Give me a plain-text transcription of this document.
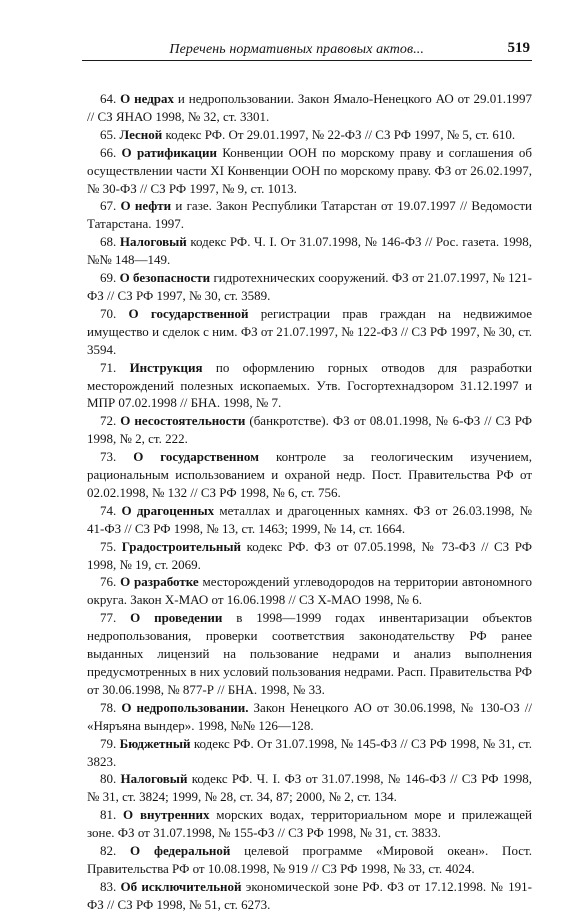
Перечень нормативных правовых актов...	519

64. О недрах и недропользовании. Закон Ямало-Ненецкого АО от 29.01.1997 // СЗ ЯНАО 1998, № 32, ст. 3301.

65. Лесной кодекс РФ. От 29.01.1997, № 22-ФЗ // СЗ РФ 1997, № 5, ст. 610.

66. О ратификации Конвенции ООН по морскому праву и соглашения об осуществлении части XI Конвенции ООН по морскому праву. ФЗ от 26.02.1997, № 30-ФЗ // СЗ РФ 1997, № 9, ст. 1013.

67. О нефти и газе. Закон Республики Татарстан от 19.07.1997 // Ведомости Татарстана. 1997.

68. Налоговый кодекс РФ. Ч. I. От 31.07.1998, № 146-ФЗ // Рос. газета. 1998, №№ 148—149.

69. О безопасности гидротехнических сооружений. ФЗ от 21.07.1997, № 121-ФЗ // СЗ РФ 1997, № 30, ст. 3589.

70. О государственной регистрации прав граждан на недвижимое имущество и сделок с ним. ФЗ от 21.07.1997, № 122-ФЗ // СЗ РФ 1997, № 30, ст. 3594.

71. Инструкция по оформлению горных отводов для разработки месторождений полезных ископаемых. Утв. Госгортехнадзором 31.12.1997 и МПР 07.02.1998 // БНА. 1998, № 7.

72. О несостоятельности (банкротстве). ФЗ от 08.01.1998, № 6-ФЗ // СЗ РФ 1998, № 2, ст. 222.

73. О государственном контроле за геологическим изучением, рациональным использованием и охраной недр. Пост. Правительства РФ от 02.02.1998, № 132 // СЗ РФ 1998, № 6, ст. 756.

74. О драгоценных металлах и драгоценных камнях. ФЗ от 26.03.1998, № 41-ФЗ // СЗ РФ 1998, № 13, ст. 1463; 1999, № 14, ст. 1664.

75. Градостроительный кодекс РФ. ФЗ от 07.05.1998, № 73-ФЗ // СЗ РФ 1998, № 19, ст. 2069.

76. О разработке месторождений углеводородов на территории автономного округа. Закон Х-МАО от 16.06.1998 // СЗ Х-МАО 1998, № 6.

77. О проведении в 1998—1999 годах инвентаризации объектов недропользования, проверки соответствия законодательству РФ ранее выданных лицензий на пользование недрами и анализ выполнения предусмотренных в них условий пользования недрами. Расп. Правительства РФ от 30.06.1998, № 877-Р // БНА. 1998, № 33.

78. О недропользовании. Закон Ненецкого АО от 30.06.1998, № 130-ОЗ // «Няръяна вындер». 1998, №№ 126—128.

79. Бюджетный кодекс РФ. От 31.07.1998, № 145-ФЗ // СЗ РФ 1998, № 31, ст. 3823.

80. Налоговый кодекс РФ. Ч. I. ФЗ от 31.07.1998, № 146-ФЗ // СЗ РФ 1998, № 31, ст. 3824; 1999, № 28, ст. 34, 87; 2000, № 2, ст. 134.

81. О внутренних морских водах, территориальном море и прилежащей зоне. ФЗ от 31.07.1998, № 155-ФЗ // СЗ РФ 1998, № 31, ст. 3833.

82. О федеральной целевой программе «Мировой океан». Пост. Правительства РФ от 10.08.1998, № 919 // СЗ РФ 1998, № 33, ст. 4024.

83. Об исключительной экономической зоне РФ. ФЗ от 17.12.1998. № 191-ФЗ // СЗ РФ 1998, № 51, ст. 6273.
